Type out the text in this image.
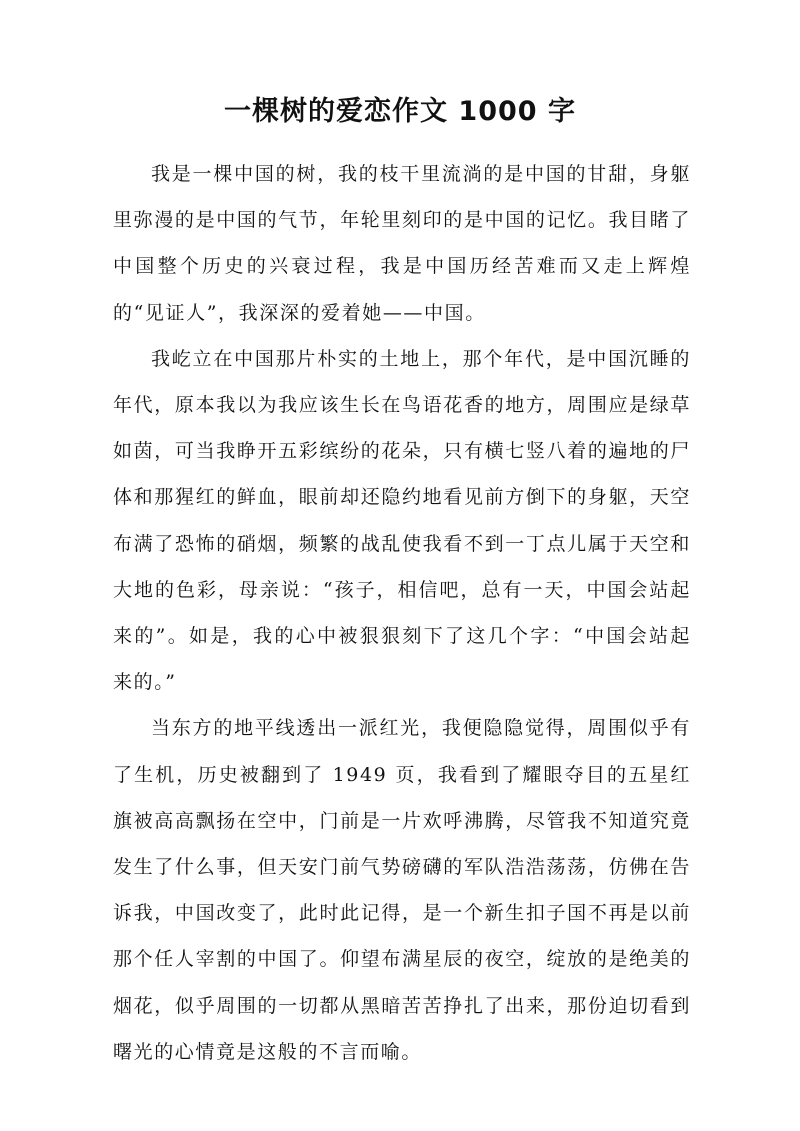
一棵树的爱恋作文 1000 字

我是一棵中国的树，我的枝干里流淌的是中国的甘甜，身躯里弥漫的是中国的气节，年轮里刻印的是中国的记忆。我目睹了中国整个历史的兴衰过程，我是中国历经苦难而又走上辉煌的“见证人”，我深深的爱着她——中国。

我屹立在中国那片朴实的土地上，那个年代，是中国沉睡的年代，原本我以为我应该生长在鸟语花香的地方，周围应是绿草如茵，可当我睁开五彩缤纷的花朵，只有横七竖八着的遍地的尸体和那猩红的鲜血，眼前却还隐约地看见前方倒下的身躯，天空布满了恐怖的硝烟，频繁的战乱使我看不到一丁点儿属于天空和大地的色彩，母亲说：“孩子，相信吧，总有一天，中国会站起来的”。如是，我的心中被狠狠刻下了这几个字：“中国会站起来的。”

当东方的地平线透出一派红光，我便隐隐觉得，周围似乎有了生机，历史被翻到了 1949 页，我看到了耀眼夺目的五星红旗被高高飘扬在空中，门前是一片欢呼沸腾，尽管我不知道究竟发生了什么事，但天安门前气势磅礴的军队浩浩荡荡，仿佛在告诉我，中国改变了，此时此记得，是一个新生扣子国不再是以前那个任人宰割的中国了。仰望布满星辰的夜空，绽放的是绝美的烟花，似乎周围的一切都从黑暗苦苦挣扎了出来，那份迫切看到曙光的心情竟是这般的不言而喻。
